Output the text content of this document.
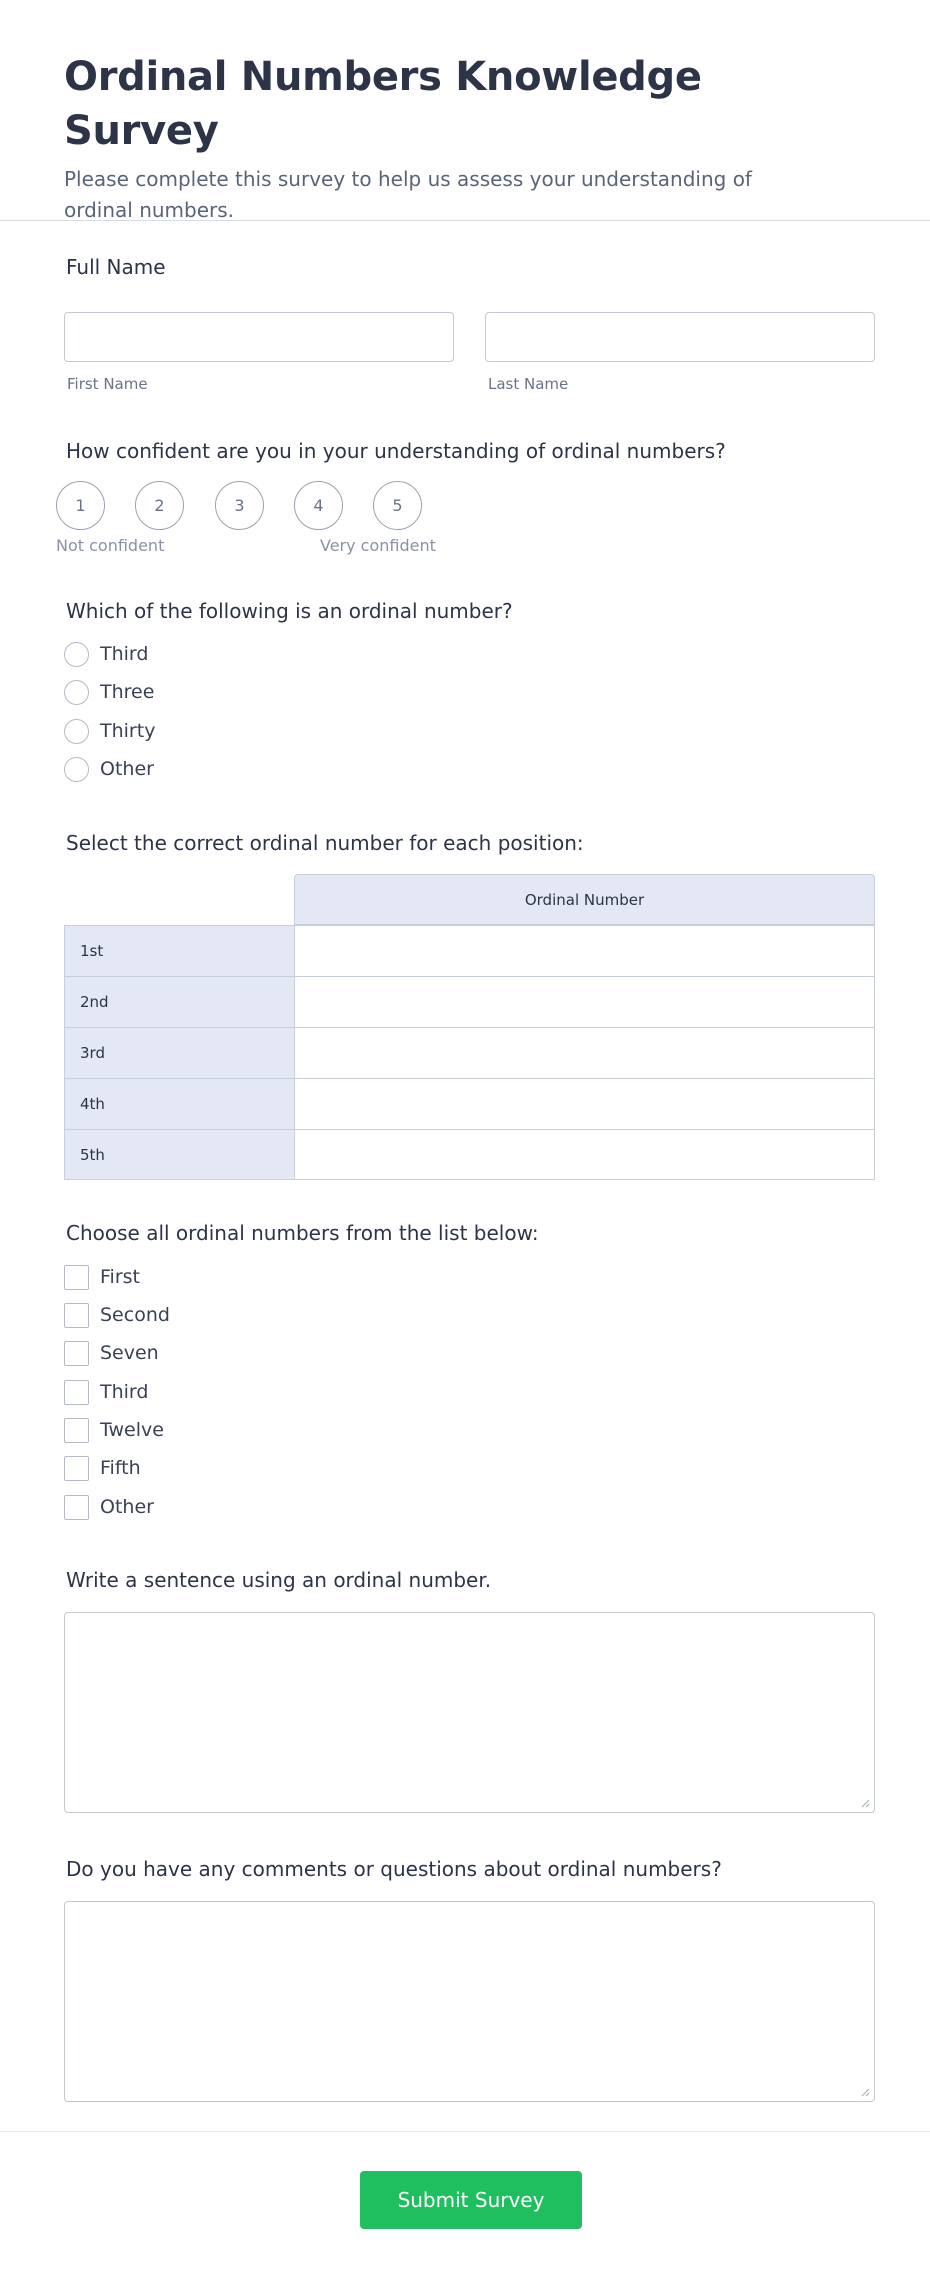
Ordinal Numbers Knowledge Survey

Please complete this survey to help us assess your understanding of ordinal numbers.

Full Name
First Name	Last Name
How confident are you in your understanding of ordinal numbers?
1	2	3	4	5
Not confident	Very confident
Which of the following is an ordinal number?
Third
Three
Thirty
Other
Select the correct ordinal number for each position:
Ordinal Number
1st
2nd
3rd
4th
5th
Choose all ordinal numbers from the list below:
First
Second
Seven
Third
Twelve
Fifth
Other
Write a sentence using an ordinal number.
Do you have any comments or questions about ordinal numbers?
Submit Survey
